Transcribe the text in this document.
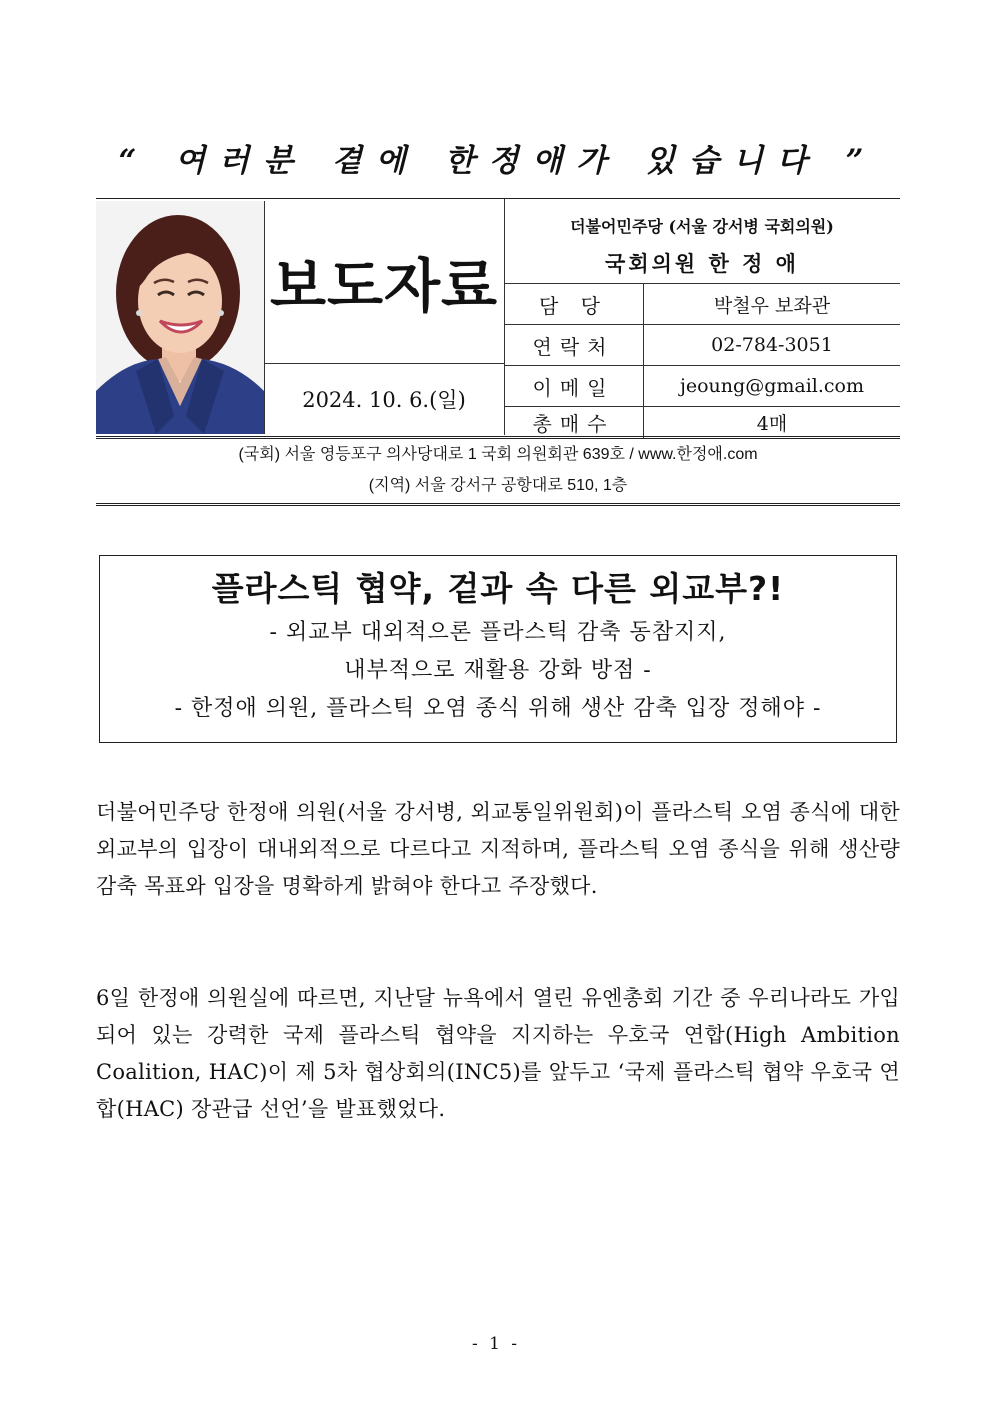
“ 여러분 곁에 한정애가 있습니다 ”
보도자료
2024. 10. 6.(일)
더불어민주당 (서울 강서병 국회의원)
국회의원 한 정 애
담 당	박철우 보좌관
연락처	02-784-3051
이메일	jeoung@gmail.com
총매수	4매
(국회) 서울 영등포구 의사당대로 1 국회 의원회관 639호 / www.한정애.com
(지역) 서울 강서구 공항대로 510, 1층
플라스틱 협약, 겉과 속 다른 외교부?!
- 외교부 대외적으론 플라스틱 감축 동참지지,
내부적으로 재활용 강화 방점 -
- 한정애 의원, 플라스틱 오염 종식 위해 생산 감축 입장 정해야 -

더불어민주당 한정애 의원(서울 강서병, 외교통일위원회)이 플라스틱 오염 종식에 대한 외교부의 입장이 대내외적으로 다르다고 지적하며, 플라스틱 오염 종식을 위해 생산량 감축 목표와 입장을 명확하게 밝혀야 한다고 주장했다.

6일 한정애 의원실에 따르면, 지난달 뉴욕에서 열린 유엔총회 기간 중 우리나라도 가입되어 있는 강력한 국제 플라스틱 협약을 지지하는 우호국 연합(High Ambition Coalition, HAC)이 제 5차 협상회의(INC5)를 앞두고 ‘국제 플라스틱 협약 우호국 연합(HAC) 장관급 선언’을 발표했었다.

- 1 -
